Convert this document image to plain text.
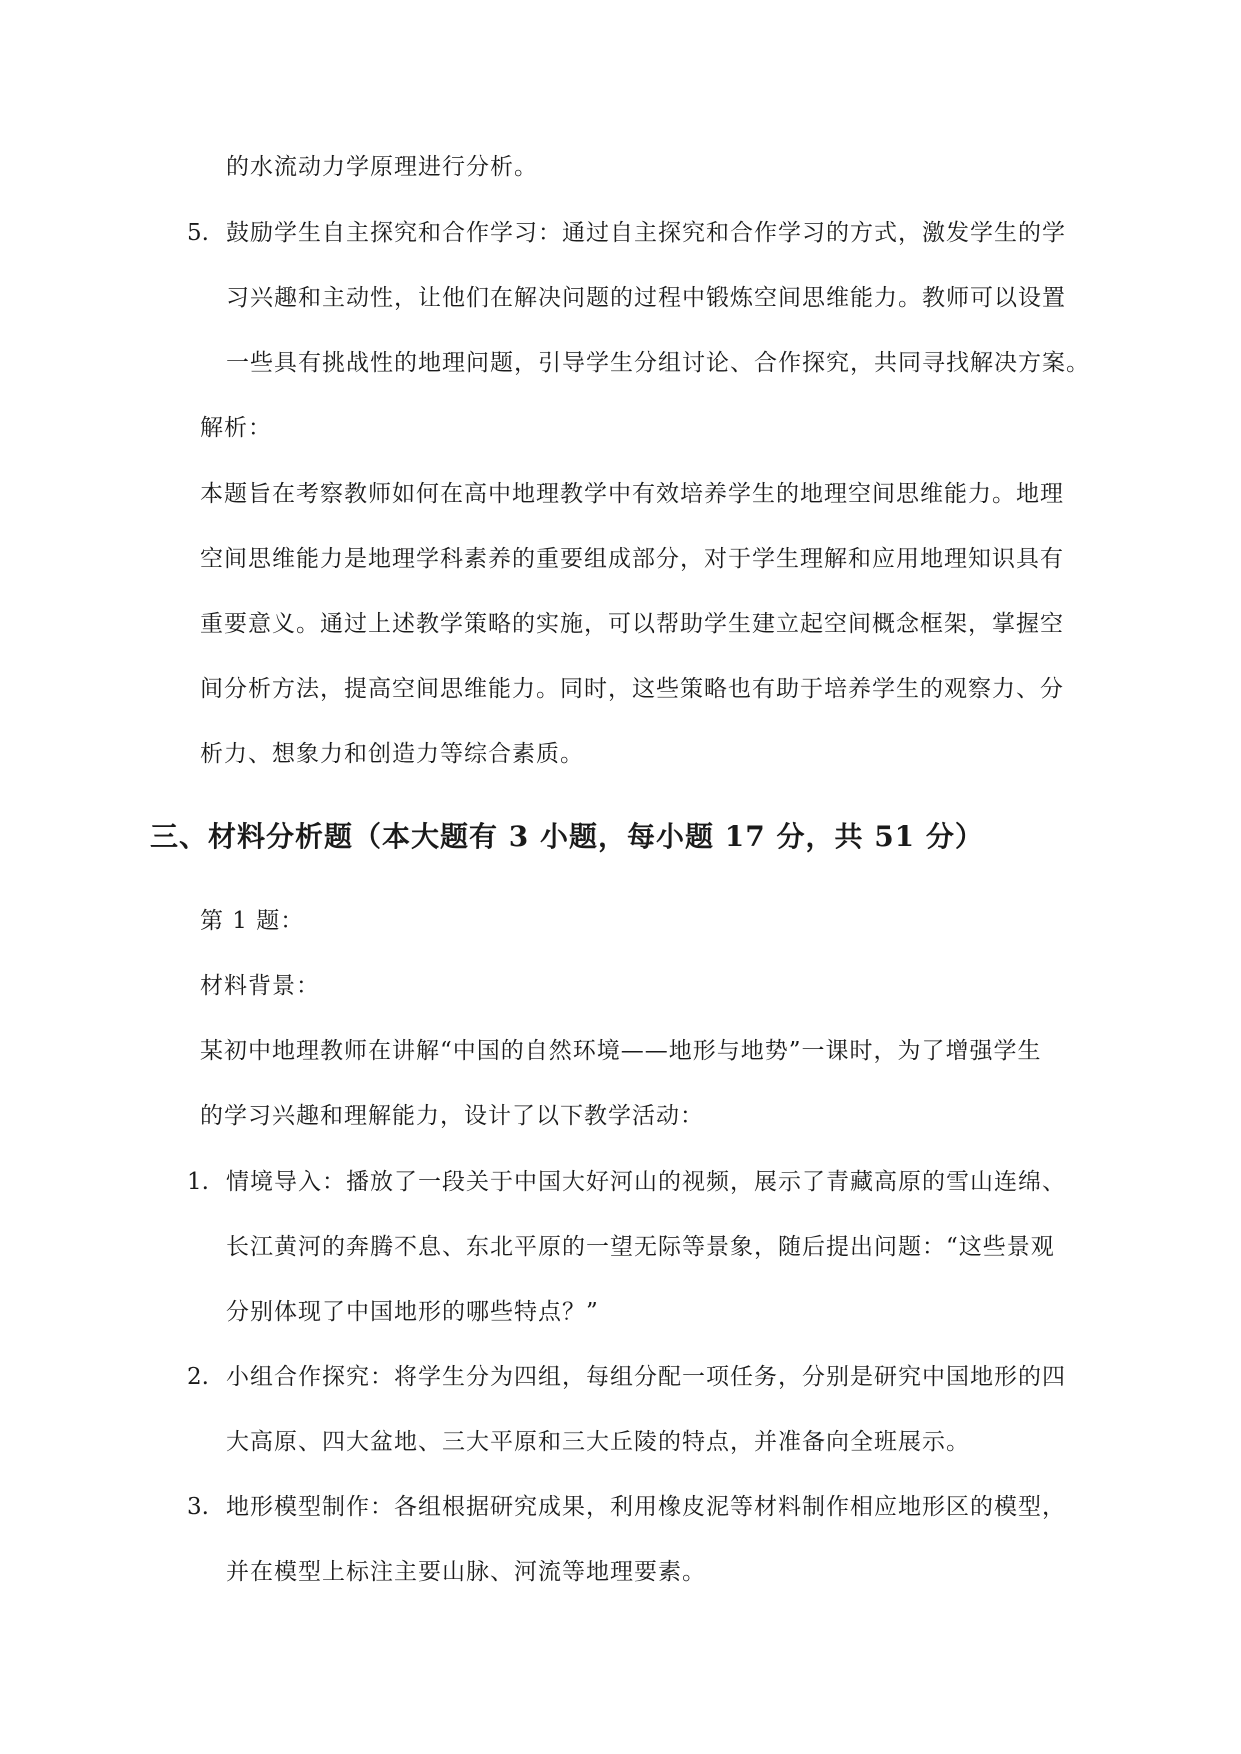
的水流动力学原理进行分析。
5. 鼓励学生自主探究和合作学习：通过自主探究和合作学习的方式，激发学生的学
习兴趣和主动性，让他们在解决问题的过程中锻炼空间思维能力。教师可以设置
一些具有挑战性的地理问题，引导学生分组讨论、合作探究，共同寻找解决方案。
解析：
本题旨在考察教师如何在高中地理教学中有效培养学生的地理空间思维能力。地理
空间思维能力是地理学科素养的重要组成部分，对于学生理解和应用地理知识具有
重要意义。通过上述教学策略的实施，可以帮助学生建立起空间概念框架，掌握空
间分析方法，提高空间思维能力。同时，这些策略也有助于培养学生的观察力、分
析力、想象力和创造力等综合素质。
三、材料分析题（本大题有 3 小题，每小题 17 分，共 51 分）
第 1 题：
材料背景：
某初中地理教师在讲解“中国的自然环境——地形与地势”一课时，为了增强学生
的学习兴趣和理解能力，设计了以下教学活动：
1. 情境导入：播放了一段关于中国大好河山的视频，展示了青藏高原的雪山连绵、
长江黄河的奔腾不息、东北平原的一望无际等景象，随后提出问题：“这些景观
分别体现了中国地形的哪些特点？”
2. 小组合作探究：将学生分为四组，每组分配一项任务，分别是研究中国地形的四
大高原、四大盆地、三大平原和三大丘陵的特点，并准备向全班展示。
3. 地形模型制作：各组根据研究成果，利用橡皮泥等材料制作相应地形区的模型，
并在模型上标注主要山脉、河流等地理要素。
